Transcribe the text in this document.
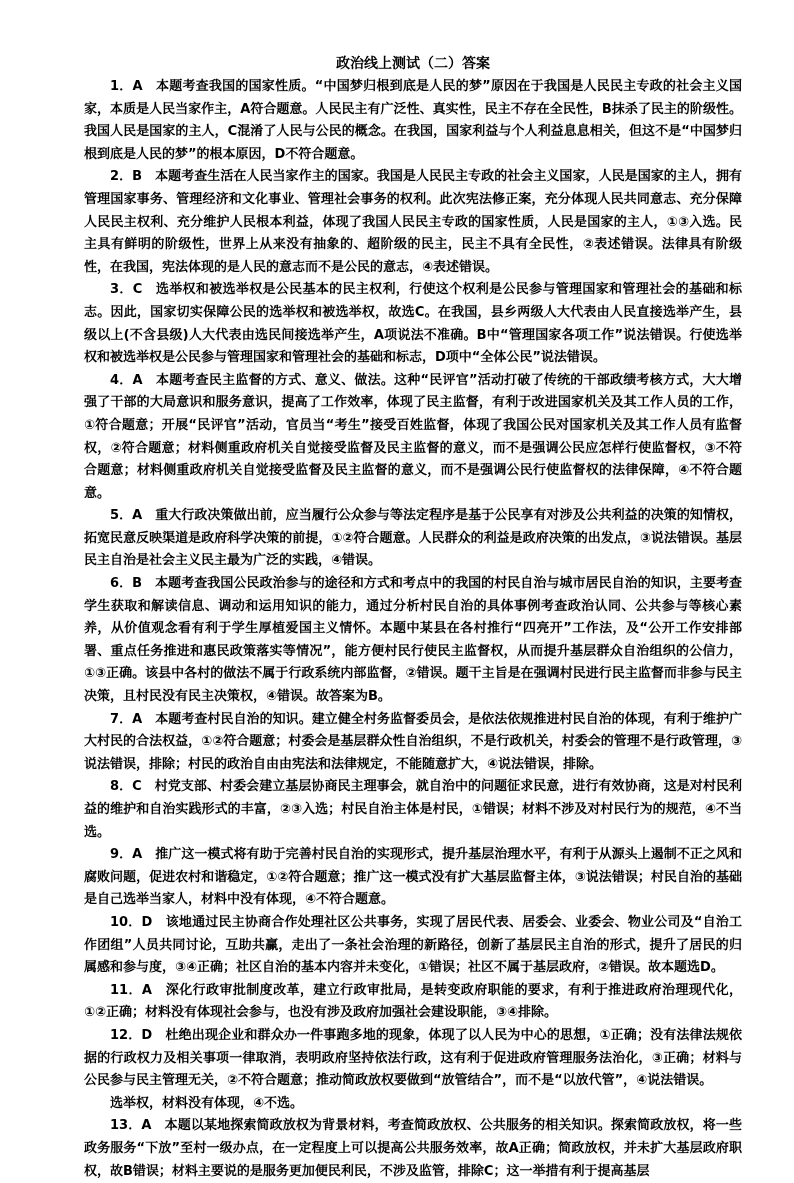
政治线上测试（二）答案

1．A　本题考查我国的国家性质。“中国梦归根到底是人民的梦”原因在于我国是人民民主专政的社会主义国家，本质是人民当家作主，A符合题意。人民民主有广泛性、真实性，民主不存在全民性，B抹杀了民主的阶级性。我国人民是国家的主人，C混淆了人民与公民的概念。在我国，国家利益与个人利益息息相关，但这不是“中国梦归根到底是人民的梦”的根本原因，D不符合题意。

2．B　本题考查生活在人民当家作主的国家。我国是人民民主专政的社会主义国家，人民是国家的主人，拥有管理国家事务、管理经济和文化事业、管理社会事务的权利。此次宪法修正案，充分体现人民共同意志、充分保障人民民主权利、充分维护人民根本利益，体现了我国人民民主专政的国家性质，人民是国家的主人，①③入选。民主具有鲜明的阶级性，世界上从来没有抽象的、超阶级的民主，民主不具有全民性，②表述错误。法律具有阶级性，在我国，宪法体现的是人民的意志而不是公民的意志，④表述错误。

3．C　选举权和被选举权是公民基本的民主权利，行使这个权利是公民参与管理国家和管理社会的基础和标志。因此，国家切实保障公民的选举权和被选举权，故选C。在我国，县乡两级人大代表由人民直接选举产生，县级以上(不含县级)人大代表由选民间接选举产生，A项说法不准确。B中“管理国家各项工作”说法错误。行使选举权和被选举权是公民参与管理国家和管理社会的基础和标志，D项中“全体公民”说法错误。

4．A　本题考查民主监督的方式、意义、做法。这种“民评官”活动打破了传统的干部政绩考核方式，大大增强了干部的大局意识和服务意识，提高了工作效率，体现了民主监督，有利于改进国家机关及其工作人员的工作，①符合题意；开展“民评官”活动，官员当“考生”接受百姓监督，体现了我国公民对国家机关及其工作人员有监督权，②符合题意；材料侧重政府机关自觉接受监督及民主监督的意义，而不是强调公民应怎样行使监督权，③不符合题意；材料侧重政府机关自觉接受监督及民主监督的意义，而不是强调公民行使监督权的法律保障，④不符合题意。

5．A　重大行政决策做出前，应当履行公众参与等法定程序是基于公民享有对涉及公共利益的决策的知情权，拓宽民意反映渠道是政府科学决策的前提，①②符合题意。人民群众的利益是政府决策的出发点，③说法错误。基层民主自治是社会主义民主最为广泛的实践，④错误。

6．B　本题考查我国公民政治参与的途径和方式和考点中的我国的村民自治与城市居民自治的知识，主要考查学生获取和解读信息、调动和运用知识的能力，通过分析村民自治的具体事例考查政治认同、公共参与等核心素养，从价值观念看有利于学生厚植爱国主义情怀。本题中某县在各村推行“四亮开”工作法，及“公开工作安排部署、重点任务推进和惠民政策落实等情况”，能方便村民行使民主监督权，从而提升基层群众自治组织的公信力，①③正确。该县中各村的做法不属于行政系统内部监督，②错误。题干主旨是在强调村民进行民主监督而非参与民主决策，且村民没有民主决策权，④错误。故答案为B。

7．A　本题考查村民自治的知识。建立健全村务监督委员会，是依法依规推进村民自治的体现，有利于维护广大村民的合法权益，①②符合题意；村委会是基层群众性自治组织，不是行政机关，村委会的管理不是行政管理，③说法错误，排除；村民的政治自由由宪法和法律规定，不能随意扩大，④说法错误，排除。

8．C　村党支部、村委会建立基层协商民主理事会，就自治中的问题征求民意，进行有效协商，这是对村民利益的维护和自治实践形式的丰富，②③入选；村民自治主体是村民，①错误；材料不涉及对村民行为的规范，④不当选。

9．A　推广这一模式将有助于完善村民自治的实现形式，提升基层治理水平，有利于从源头上遏制不正之风和腐败问题，促进农村和谐稳定，①②符合题意；推广这一模式没有扩大基层监督主体，③说法错误；村民自治的基础是自己选举当家人，材料中没有体现，④不符合题意。

10．D　该地通过民主协商合作处理社区公共事务，实现了居民代表、居委会、业委会、物业公司及“自治工作团组”人员共同讨论，互助共赢，走出了一条社会治理的新路径，创新了基层民主自治的形式，提升了居民的归属感和参与度，③④正确；社区自治的基本内容并未变化，①错误；社区不属于基层政府，②错误。故本题选D。

11．A　深化行政审批制度改革，建立行政审批局，是转变政府职能的要求，有利于推进政府治理现代化，①②正确；材料没有体现社会参与，也没有涉及政府加强社会建设职能，③④排除。

12．D　杜绝出现企业和群众办一件事跑多地的现象，体现了以人民为中心的思想，①正确；没有法律法规依据的行政权力及相关事项一律取消，表明政府坚持依法行政，这有利于促进政府管理服务法治化，③正确；材料与公民参与民主管理无关，②不符合题意；推动简政放权要做到“放管结合”，而不是“以放代管”，④说法错误。

选举权，材料没有体现，④不选。

13．A　本题以某地探索简政放权为背景材料，考查简政放权、公共服务的相关知识。探索简政放权，将一些政务服务“下放”至村一级办点，在一定程度上可以提高公共服务效率，故A正确；简政放权，并未扩大基层政府职权，故B错误；材料主要说的是服务更加便民利民，不涉及监管，排除C；这一举措有利于提高基层
